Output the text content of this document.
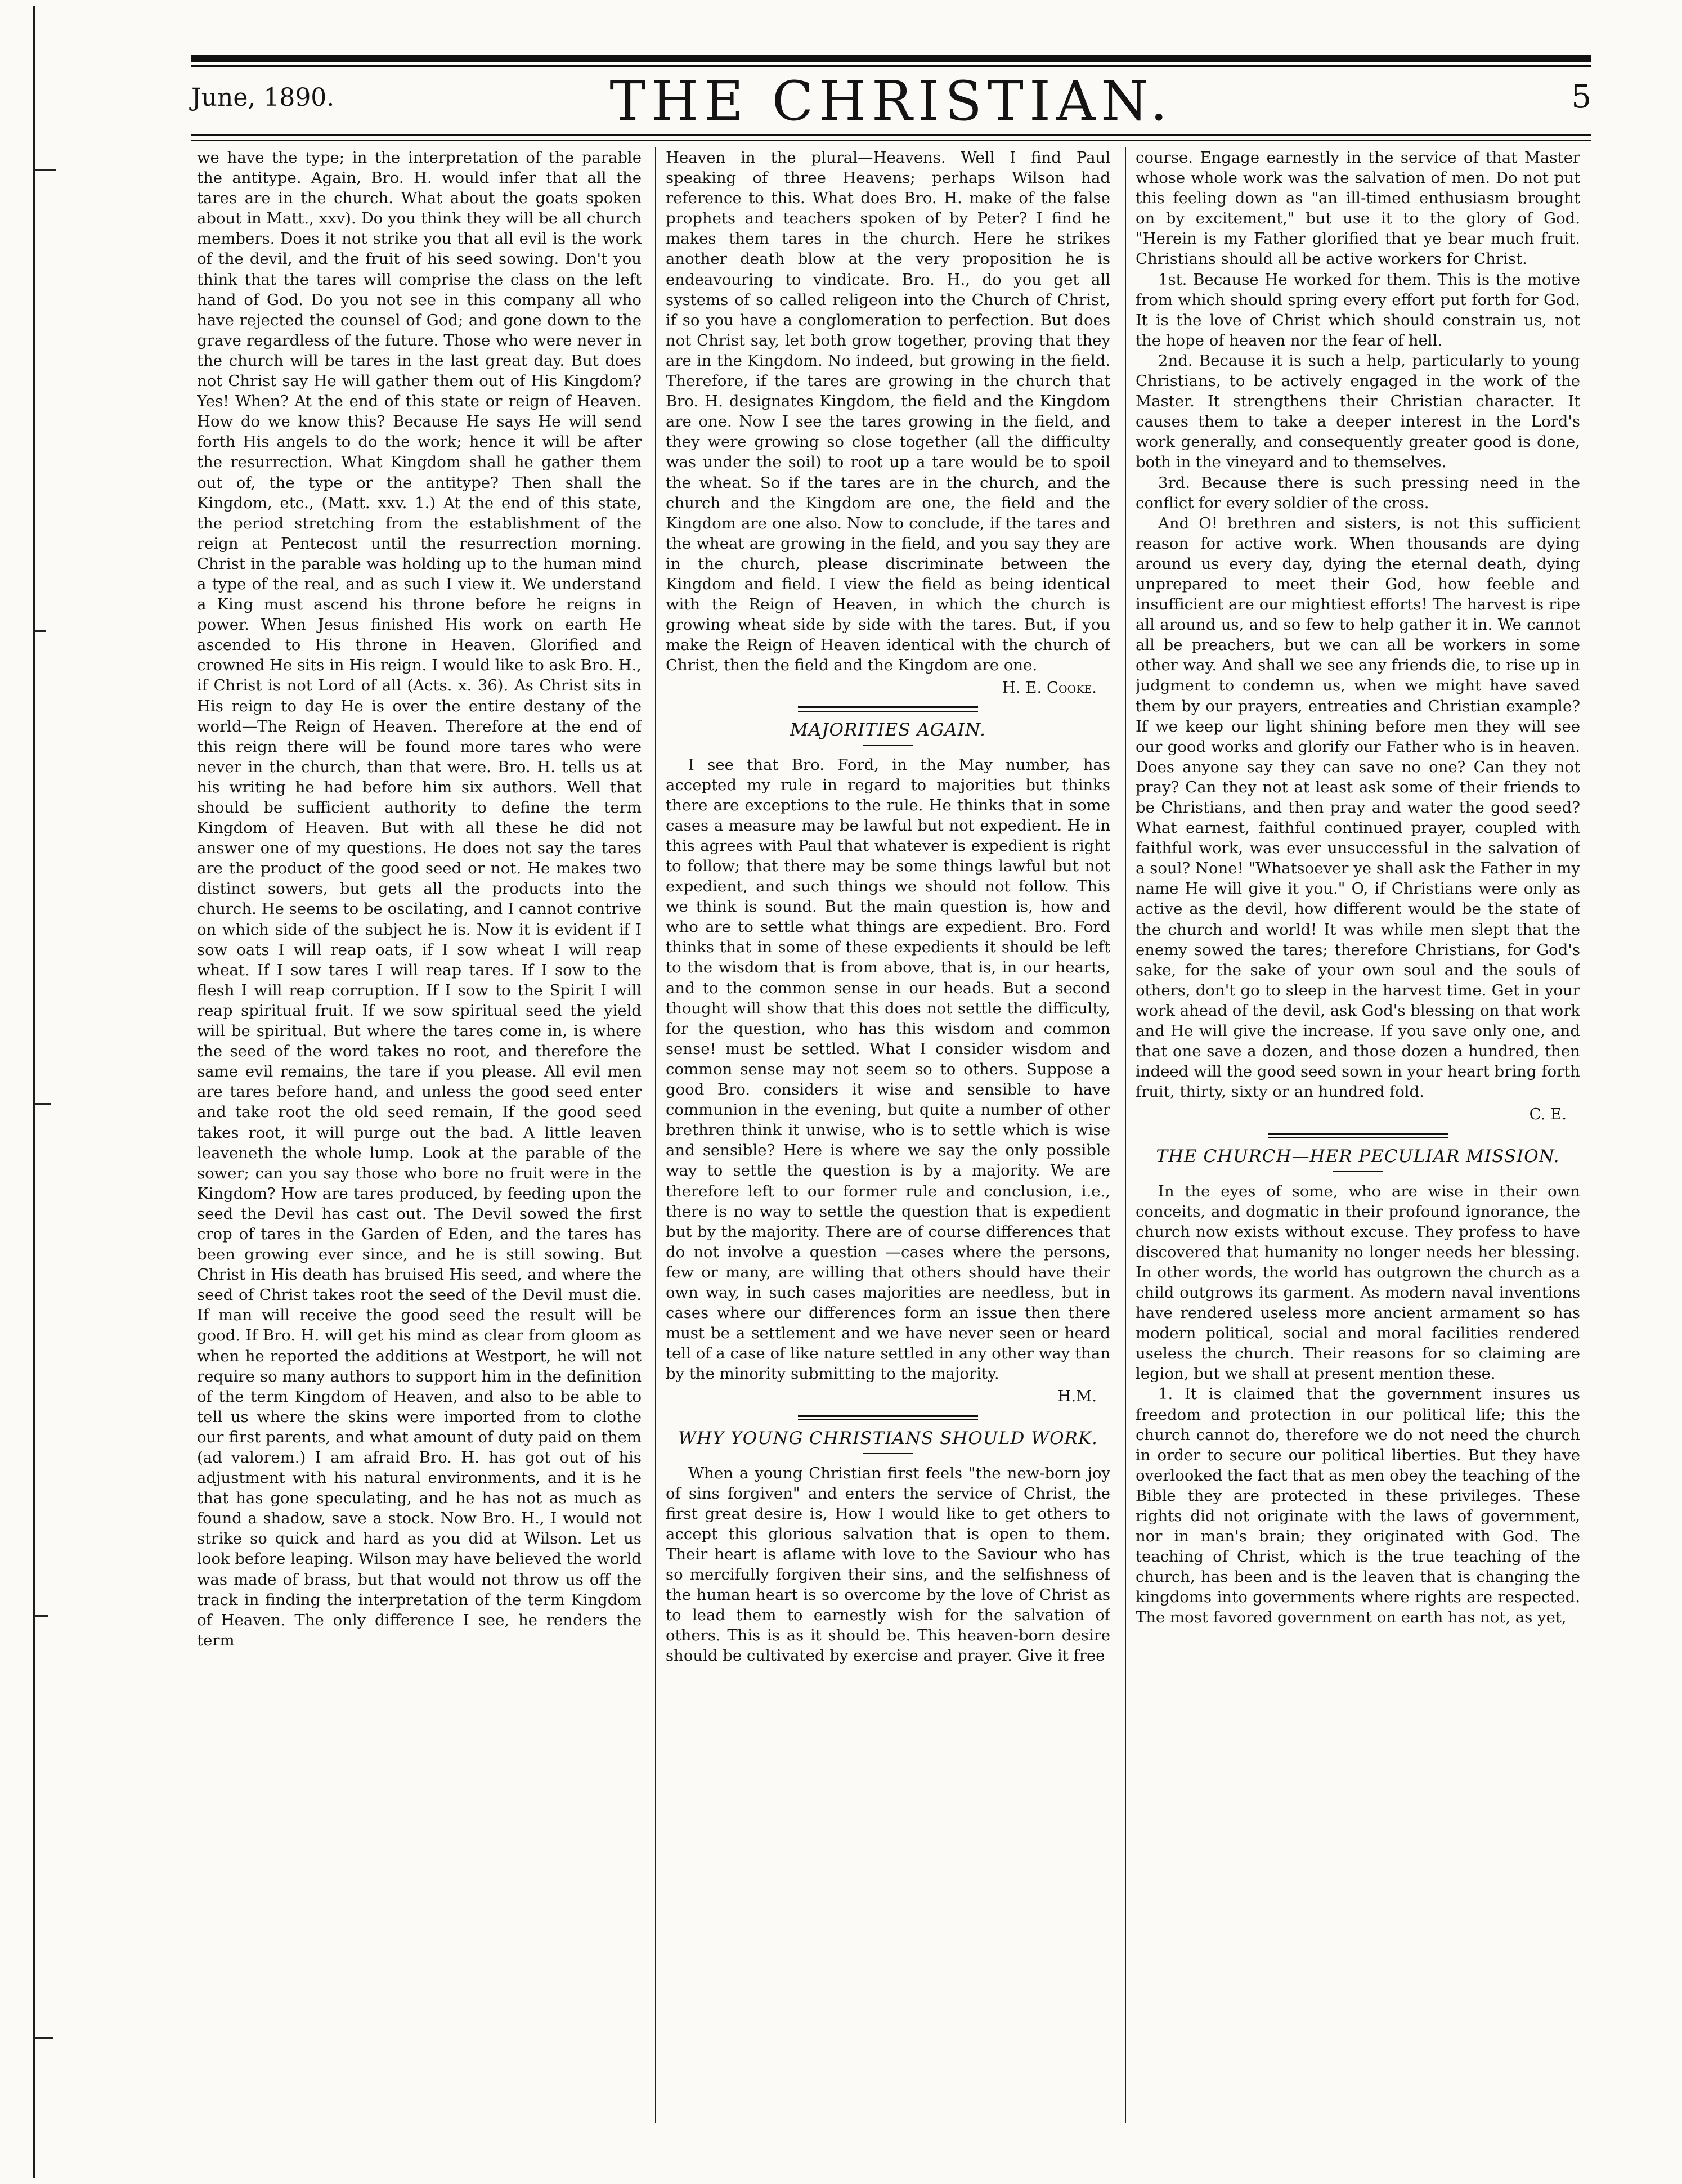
June, 1890.	THE CHRISTIAN.	5

we have the type; in the interpretation of the parable the antitype. Again, Bro. H. would infer that all the tares are in the church. What about the goats spoken about in Matt., xxv). Do you think they will be all church members. Does it not strike you that all evil is the work of the devil, and the fruit of his seed sowing. Don't you think that the tares will comprise the class on the left hand of God. Do you not see in this company all who have rejected the counsel of God; and gone down to the grave regardless of the future. Those who were never in the church will be tares in the last great day. But does not Christ say He will gather them out of His Kingdom? Yes! When? At the end of this state or reign of Heaven. How do we know this? Because He says He will send forth His angels to do the work; hence it will be after the resurrection. What Kingdom shall he gather them out of, the type or the antitype? Then shall the Kingdom, etc., (Matt. xxv. 1.) At the end of this state, the period stretching from the establishment of the reign at Pentecost until the resurrection morning. Christ in the parable was holding up to the human mind a type of the real, and as such I view it. We understand a King must ascend his throne before he reigns in power. When Jesus finished His work on earth He ascended to His throne in Heaven. Glorified and crowned He sits in His reign. I would like to ask Bro. H., if Christ is not Lord of all (Acts. x. 36). As Christ sits in His reign to day He is over the entire destany of the world—The Reign of Heaven. Therefore at the end of this reign there will be found more tares who were never in the church, than that were. Bro. H. tells us at his writing he had before him six authors. Well that should be sufficient authority to define the term Kingdom of Heaven. But with all these he did not answer one of my questions. He does not say the tares are the product of the good seed or not. He makes two distinct sowers, but gets all the products into the church. He seems to be oscilating, and I cannot contrive on which side of the subject he is. Now it is evident if I sow oats I will reap oats, if I sow wheat I will reap wheat. If I sow tares I will reap tares. If I sow to the flesh I will reap corruption. If I sow to the Spirit I will reap spiritual fruit. If we sow spiritual seed the yield will be spiritual. But where the tares come in, is where the seed of the word takes no root, and therefore the same evil remains, the tare if you please. All evil men are tares before hand, and unless the good seed enter and take root the old seed remain, If the good seed takes root, it will purge out the bad. A little leaven leaveneth the whole lump. Look at the parable of the sower; can you say those who bore no fruit were in the Kingdom? How are tares produced, by feeding upon the seed the Devil has cast out. The Devil sowed the first crop of tares in the Garden of Eden, and the tares has been growing ever since, and he is still sowing. But Christ in His death has bruised His seed, and where the seed of Christ takes root the seed of the Devil must die. If man will receive the good seed the result will be good. If Bro. H. will get his mind as clear from gloom as when he reported the additions at Westport, he will not require so many authors to support him in the definition of the term Kingdom of Heaven, and also to be able to tell us where the skins were imported from to clothe our first parents, and what amount of duty paid on them (ad valorem.) I am afraid Bro. H. has got out of his adjustment with his natural environments, and it is he that has gone speculating, and he has not as much as found a shadow, save a stock. Now Bro. H., I would not strike so quick and hard as you did at Wilson. Let us look before leaping. Wilson may have believed the world was made of brass, but that would not throw us off the track in finding the interpretation of the term Kingdom of Heaven. The only difference I see, he renders the term

Heaven in the plural—Heavens. Well I find Paul speaking of three Heavens; perhaps Wilson had reference to this. What does Bro. H. make of the false prophets and teachers spoken of by Peter? I find he makes them tares in the church. Here he strikes another death blow at the very proposition he is endeavouring to vindicate. Bro. H., do you get all systems of so called religeon into the Church of Christ, if so you have a conglomeration to perfection. But does not Christ say, let both grow together, proving that they are in the Kingdom. No indeed, but growing in the field. Therefore, if the tares are growing in the church that Bro. H. designates Kingdom, the field and the Kingdom are one. Now I see the tares growing in the field, and they were growing so close together (all the difficulty was under the soil) to root up a tare would be to spoil the wheat. So if the tares are in the church, and the church and the Kingdom are one, the field and the Kingdom are one also. Now to conclude, if the tares and the wheat are growing in the field, and you say they are in the church, please discriminate between the Kingdom and field. I view the field as being identical with the Reign of Heaven, in which the church is growing wheat side by side with the tares. But, if you make the Reign of Heaven identical with the church of Christ, then the field and the Kingdom are one.

H. E. Cooke.
MAJORITIES AGAIN.

I see that Bro. Ford, in the May number, has accepted my rule in regard to majorities but thinks there are exceptions to the rule. He thinks that in some cases a measure may be lawful but not expedient. He in this agrees with Paul that whatever is expedient is right to follow; that there may be some things lawful but not expedient, and such things we should not follow. This we think is sound. But the main question is, how and who are to settle what things are expedient. Bro. Ford thinks that in some of these expedients it should be left to the wisdom that is from above, that is, in our hearts, and to the common sense in our heads. But a second thought will show that this does not settle the difficulty, for the question, who has this wisdom and common sense! must be settled. What I consider wisdom and common sense may not seem so to others. Suppose a good Bro. considers it wise and sensible to have communion in the evening, but quite a number of other brethren think it unwise, who is to settle which is wise and sensible? Here is where we say the only possible way to settle the question is by a majority. We are therefore left to our former rule and conclusion, i.e., there is no way to settle the question that is expedient but by the majority. There are of course differences that do not involve a question —cases where the persons, few or many, are willing that others should have their own way, in such cases majorities are needless, but in cases where our differences form an issue then there must be a settlement and we have never seen or heard tell of a case of like nature settled in any other way than by the minority submitting to the majority.

H.M.
WHY YOUNG CHRISTIANS SHOULD WORK.

When a young Christian first feels "the new-born joy of sins forgiven" and enters the service of Christ, the first great desire is, How I would like to get others to accept this glorious salvation that is open to them. Their heart is aflame with love to the Saviour who has so mercifully forgiven their sins, and the selfishness of the human heart is so overcome by the love of Christ as to lead them to earnestly wish for the salvation of others. This is as it should be. This heaven-born desire should be cultivated by exercise and prayer. Give it free

course. Engage earnestly in the service of that Master whose whole work was the salvation of men. Do not put this feeling down as "an ill-timed enthusiasm brought on by excitement," but use it to the glory of God. "Herein is my Father glorified that ye bear much fruit. Christians should all be active workers for Christ.

1st. Because He worked for them. This is the motive from which should spring every effort put forth for God. It is the love of Christ which should constrain us, not the hope of heaven nor the fear of hell.

2nd. Because it is such a help, particularly to young Christians, to be actively engaged in the work of the Master. It strengthens their Christian character. It causes them to take a deeper interest in the Lord's work generally, and consequently greater good is done, both in the vineyard and to themselves.

3rd. Because there is such pressing need in the conflict for every soldier of the cross.

And O! brethren and sisters, is not this sufficient reason for active work. When thousands are dying around us every day, dying the eternal death, dying unprepared to meet their God, how feeble and insufficient are our mightiest efforts! The harvest is ripe all around us, and so few to help gather it in. We cannot all be preachers, but we can all be workers in some other way. And shall we see any friends die, to rise up in judgment to condemn us, when we might have saved them by our prayers, entreaties and Christian example? If we keep our light shining before men they will see our good works and glorify our Father who is in heaven. Does anyone say they can save no one? Can they not pray? Can they not at least ask some of their friends to be Christians, and then pray and water the good seed? What earnest, faithful continued prayer, coupled with faithful work, was ever unsuccessful in the salvation of a soul? None! "Whatsoever ye shall ask the Father in my name He will give it you." O, if Christians were only as active as the devil, how different would be the state of the church and world! It was while men slept that the enemy sowed the tares; therefore Christians, for God's sake, for the sake of your own soul and the souls of others, don't go to sleep in the harvest time. Get in your work ahead of the devil, ask God's blessing on that work and He will give the increase. If you save only one, and that one save a dozen, and those dozen a hundred, then indeed will the good seed sown in your heart bring forth fruit, thirty, sixty or an hundred fold.

C. E.
THE CHURCH—HER PECULIAR MISSION.

In the eyes of some, who are wise in their own conceits, and dogmatic in their profound ignorance, the church now exists without excuse. They profess to have discovered that humanity no longer needs her blessing. In other words, the world has outgrown the church as a child outgrows its garment. As modern naval inventions have rendered useless more ancient armament so has modern political, social and moral facilities rendered useless the church. Their reasons for so claiming are legion, but we shall at present mention these.

1. It is claimed that the government insures us freedom and protection in our political life; this the church cannot do, therefore we do not need the church in order to secure our political liberties. But they have overlooked the fact that as men obey the teaching of the Bible they are protected in these privileges. These rights did not originate with the laws of government, nor in man's brain; they originated with God. The teaching of Christ, which is the true teaching of the church, has been and is the leaven that is changing the kingdoms into governments where rights are respected. The most favored government on earth has not, as yet,
